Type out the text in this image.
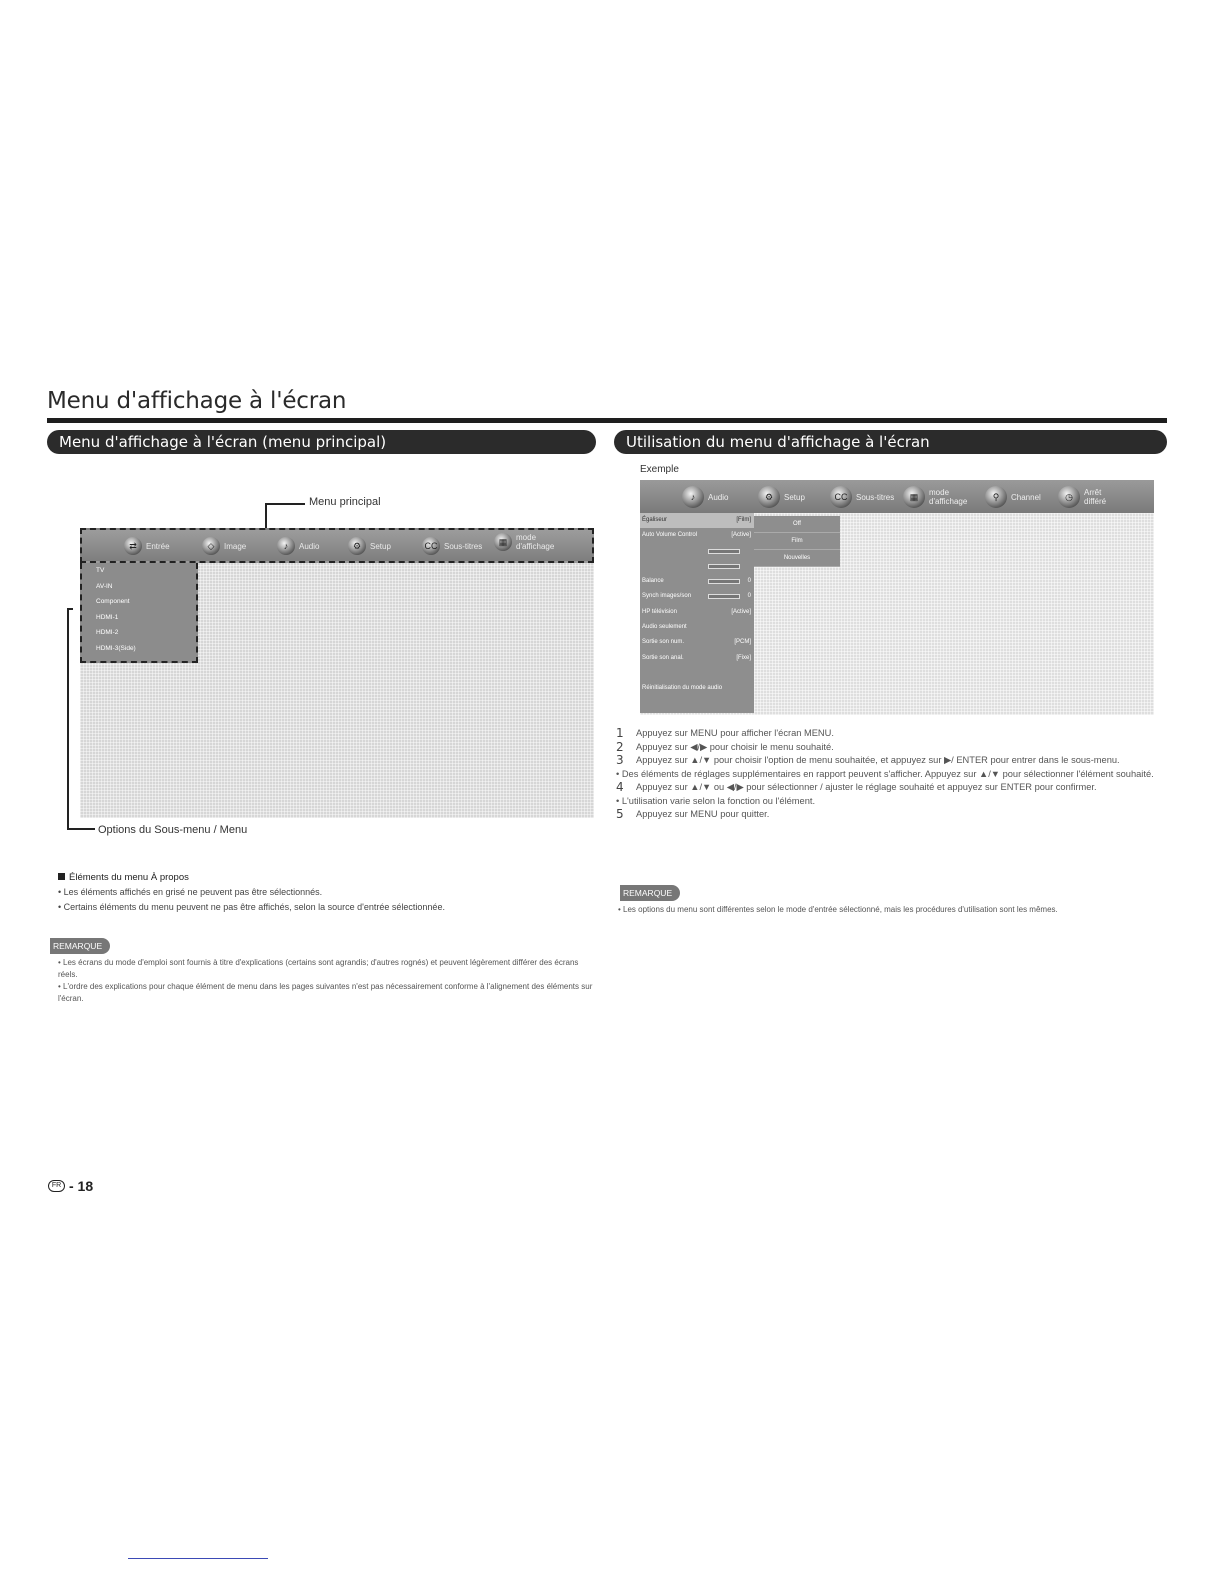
Menu d'affichage à l'écran
Menu d'affichage à l'écran (menu principal)	Utilisation du menu d'affichage à l'écran
Menu principal
⇄	Entrée	◇	Image	♪	Audio	⚙	Setup	CC Sous-titres	▦	mode d'affichage
TV
AV-IN
Component
HDMI-1
HDMI-2
HDMI-3(Side)
Options du Sous-menu / Menu
Éléments du menu À propos
• Les éléments affichés en grisé ne peuvent pas être sélectionnés.
• Certains éléments du menu peuvent ne pas être affichés, selon la source d'entrée sélectionnée.
REMARQUE
• Les écrans du mode d'emploi sont fournis à titre d'explications (certains sont agrandis; d'autres rognés) et peuvent légèrement différer des écrans réels.
• L'ordre des explications pour chaque élément de menu dans les pages suivantes n'est pas nécessairement conforme à l'alignement des éléments sur l'écran.
Exemple
♪	Audio	⚙	Setup	CC	Sous-titres	▦	mode d'affichage	⚲	Channel	◷	Arrêt différé
Égaliseur	[Film]
Auto Volume Control	[Active]
Balance	0
Synch images/son	0
HP télévision	[Active]
Audio seulement
Sortie son num.	[PCM]
Sortie son anal.	[Fixe]
Réinitialisation du mode audio
Off
Film
Nouvelles
1	Appuyez sur MENU pour afficher l'écran MENU.
2	Appuyez sur ◀/▶ pour choisir le menu souhaité.
3	Appuyez sur ▲/▼ pour choisir l'option de menu souhaitée, et appuyez sur ▶/ ENTER pour entrer dans le sous-menu.
• Des éléments de réglages supplémentaires en rapport peuvent s'afficher. Appuyez sur ▲/▼ pour sélectionner l'élément souhaité.
4	Appuyez sur ▲/▼ ou ◀/▶ pour sélectionner / ajuster le réglage souhaité et appuyez sur ENTER pour confirmer.
• L'utilisation varie selon la fonction ou l'élément.
5	Appuyez sur MENU pour quitter.
REMARQUE
• Les options du menu sont différentes selon le mode d'entrée sélectionné, mais les procédures d'utilisation sont les mêmes.
FR - 18
